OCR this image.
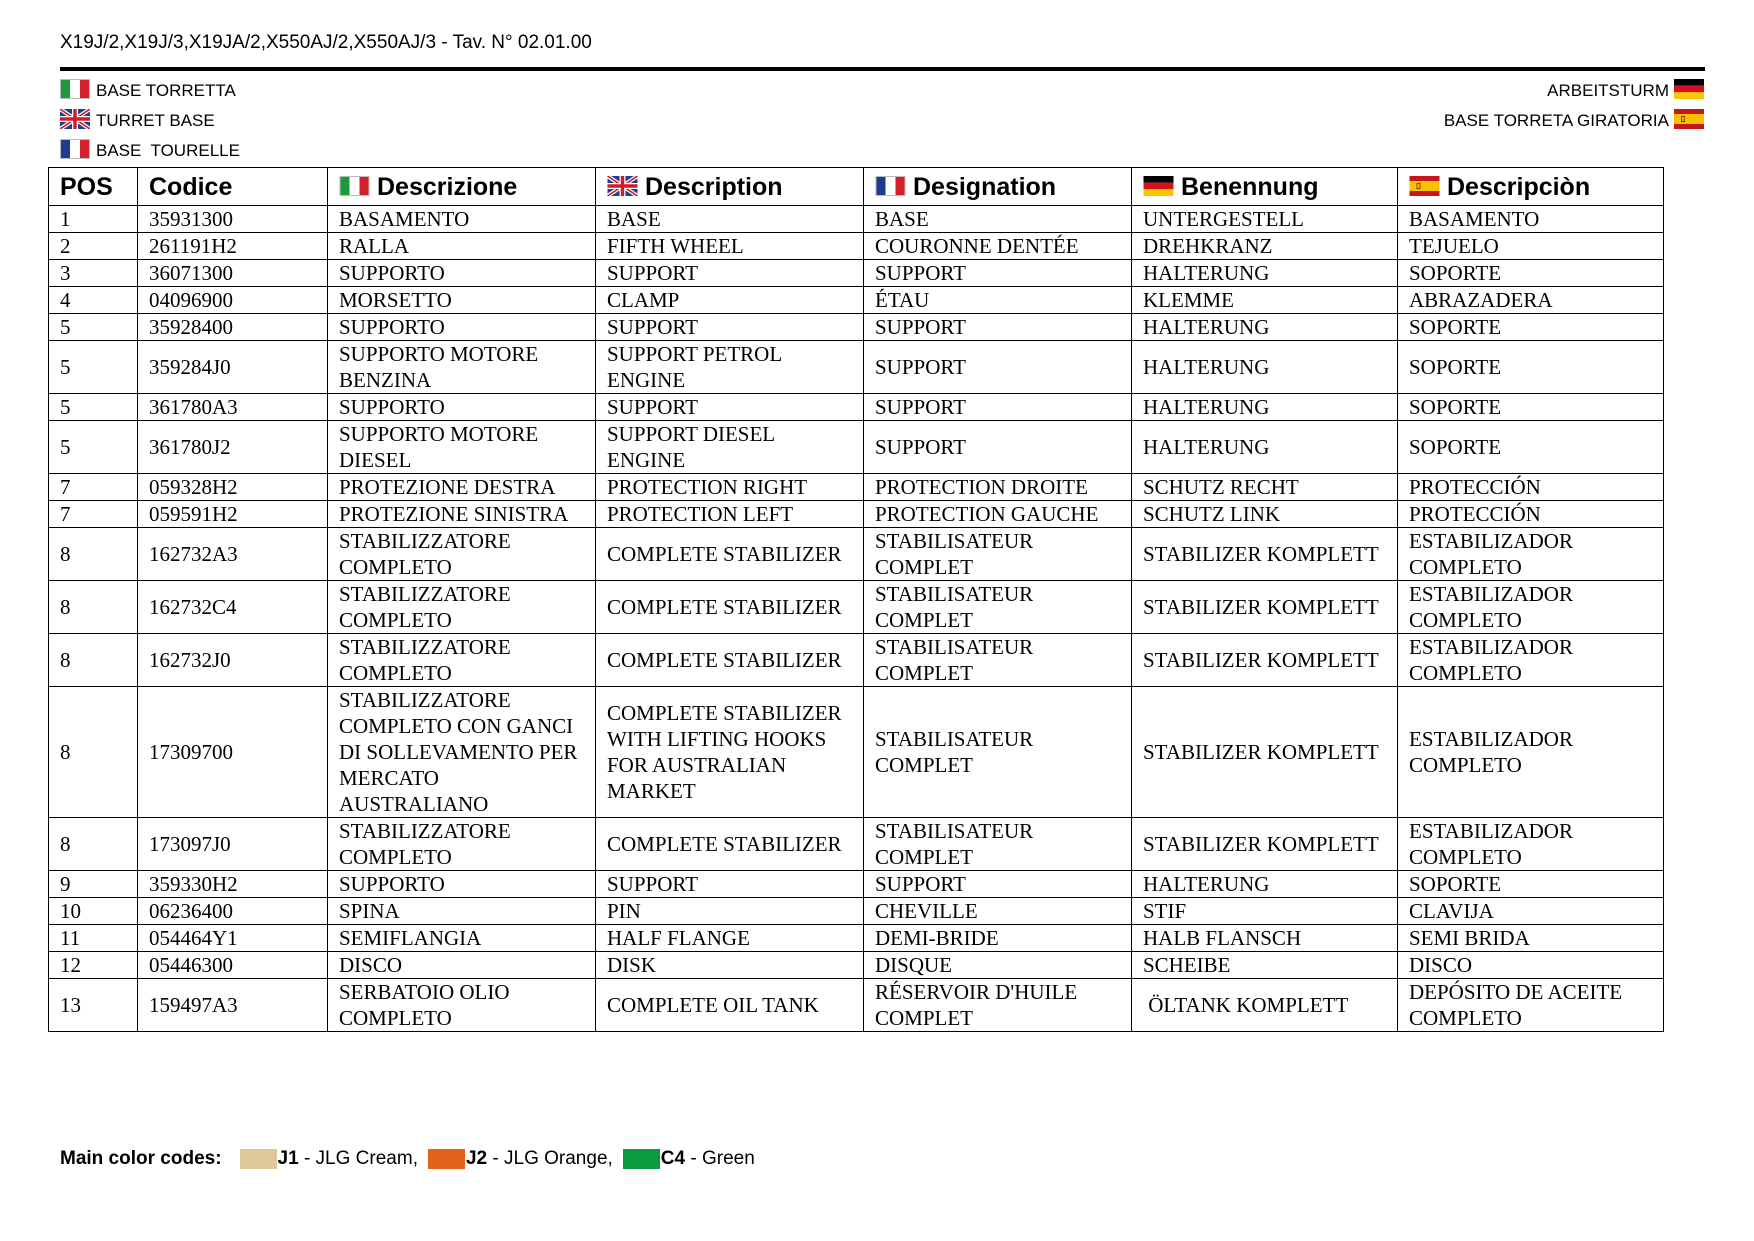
X19J/2,X19J/3,X19JA/2,X550AJ/2,X550AJ/3 - Tav. N° 02.01.00
BASE TORRETTA
TURRET BASE
BASE  TOURELLE
ARBEITSTURM
BASE TORRETA GIRATORIA
POS	Codice	Descrizione	Description	Designation	Benennung	Descripciòn
1	35931300	BASAMENTO	BASE	BASE	UNTERGESTELL	BASAMENTO
2	261191H2	RALLA	FIFTH WHEEL	COURONNE DENTÉE	DREHKRANZ	TEJUELO
3	36071300	SUPPORTO	SUPPORT	SUPPORT	HALTERUNG	SOPORTE
4	04096900	MORSETTO	CLAMP	ÉTAU	KLEMME	ABRAZADERA
5	35928400	SUPPORTO	SUPPORT	SUPPORT	HALTERUNG	SOPORTE
5	359284J0	SUPPORTO MOTORE BENZINA	SUPPORT PETROL ENGINE	SUPPORT	HALTERUNG	SOPORTE
5	361780A3	SUPPORTO	SUPPORT	SUPPORT	HALTERUNG	SOPORTE
5	361780J2	SUPPORTO MOTORE DIESEL	SUPPORT DIESEL ENGINE	SUPPORT	HALTERUNG	SOPORTE
7	059328H2	PROTEZIONE DESTRA	PROTECTION RIGHT	PROTECTION DROITE	SCHUTZ RECHT	PROTECCIÓN
7	059591H2	PROTEZIONE SINISTRA	PROTECTION LEFT	PROTECTION GAUCHE	SCHUTZ LINK	PROTECCIÓN
8	162732A3	STABILIZZATORE COMPLETO	COMPLETE STABILIZER	STABILISATEUR COMPLET	STABILIZER KOMPLETT	ESTABILIZADOR COMPLETO
8	162732C4	STABILIZZATORE COMPLETO	COMPLETE STABILIZER	STABILISATEUR COMPLET	STABILIZER KOMPLETT	ESTABILIZADOR COMPLETO
8	162732J0	STABILIZZATORE COMPLETO	COMPLETE STABILIZER	STABILISATEUR COMPLET	STABILIZER KOMPLETT	ESTABILIZADOR COMPLETO
8	17309700	STABILIZZATORE COMPLETO CON GANCI DI SOLLEVAMENTO PER MERCATO AUSTRALIANO	COMPLETE STABILIZER WITH LIFTING HOOKS FOR AUSTRALIAN MARKET	STABILISATEUR COMPLET	STABILIZER KOMPLETT	ESTABILIZADOR COMPLETO
8	173097J0	STABILIZZATORE COMPLETO	COMPLETE STABILIZER	STABILISATEUR COMPLET	STABILIZER KOMPLETT	ESTABILIZADOR COMPLETO
9	359330H2	SUPPORTO	SUPPORT	SUPPORT	HALTERUNG	SOPORTE
10	06236400	SPINA	PIN	CHEVILLE	STIF	CLAVIJA
11	054464Y1	SEMIFLANGIA	HALF FLANGE	DEMI-BRIDE	HALB FLANSCH	SEMI BRIDA
12	05446300	DISCO	DISK	DISQUE	SCHEIBE	DISCO
13	159497A3	SERBATOIO OLIO COMPLETO	COMPLETE OIL TANK	RÉSERVOIR D'HUILE COMPLET	ÖLTANK KOMPLETT	DEPÓSITO DE ACEITE COMPLETO
Main color codes:	J1 - JLG Cream,	J2 - JLG Orange,	C4 - Green
